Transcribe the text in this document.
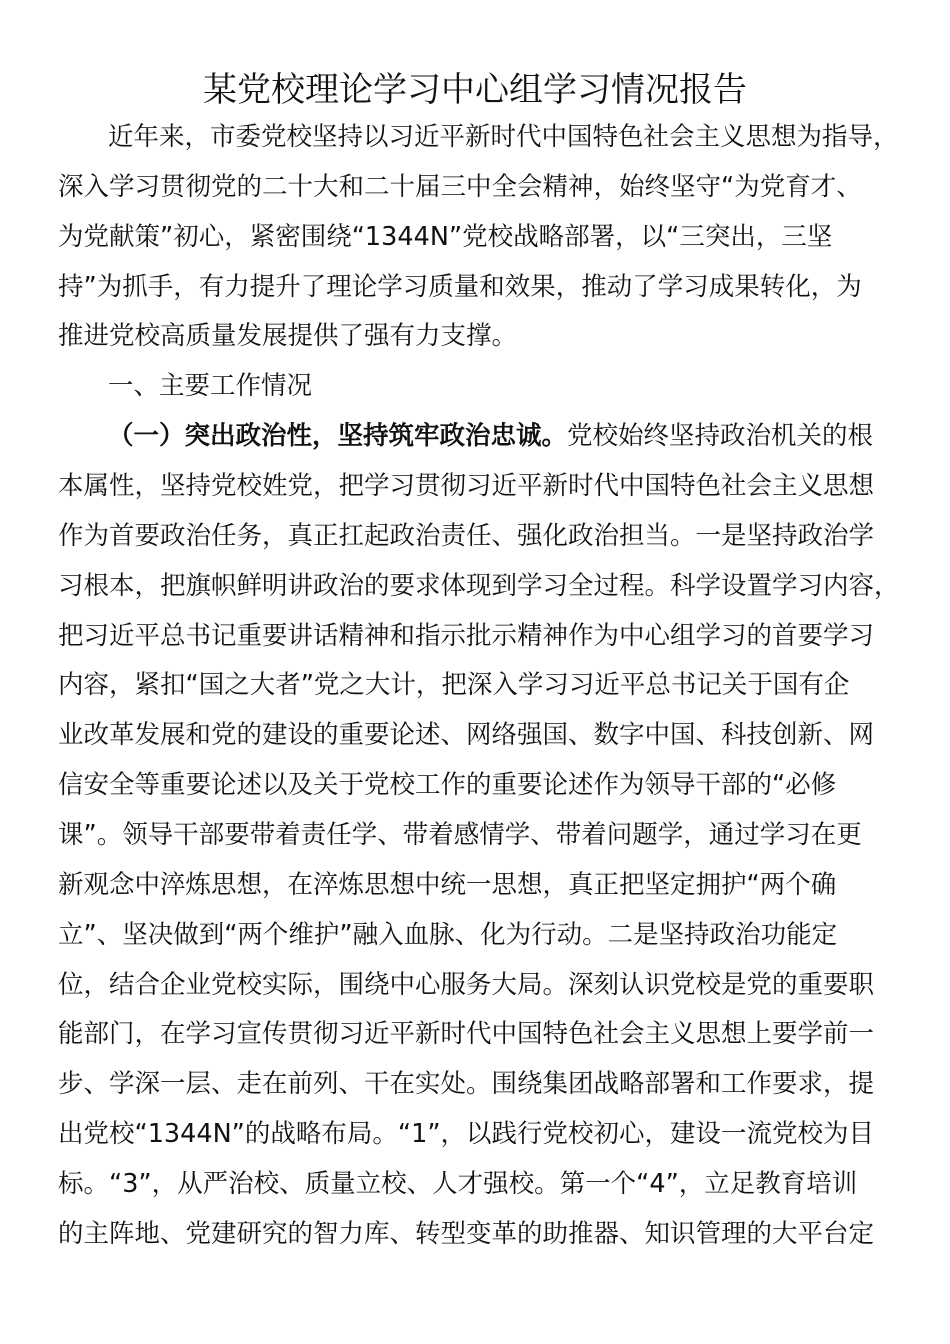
某党校理论学习中心组学习情况报告
近年来，市委党校坚持以习近平新时代中国特色社会主义思想为指导，
深入学习贯彻党的二十大和二十届三中全会精神，始终坚守“为党育才、
为党献策”初心，紧密围绕“1344N”党校战略部署，以“三突出，三坚
持”为抓手，有力提升了理论学习质量和效果，推动了学习成果转化，为
推进党校高质量发展提供了强有力支撑。
一、主要工作情况
（一）突出政治性，坚持筑牢政治忠诚。党校始终坚持政治机关的根
本属性，坚持党校姓党，把学习贯彻习近平新时代中国特色社会主义思想
作为首要政治任务，真正扛起政治责任、强化政治担当。一是坚持政治学
习根本，把旗帜鲜明讲政治的要求体现到学习全过程。科学设置学习内容，
把习近平总书记重要讲话精神和指示批示精神作为中心组学习的首要学习
内容，紧扣“国之大者”党之大计，把深入学习习近平总书记关于国有企
业改革发展和党的建设的重要论述、网络强国、数字中国、科技创新、网
信安全等重要论述以及关于党校工作的重要论述作为领导干部的“必修
课”。领导干部要带着责任学、带着感情学、带着问题学，通过学习在更
新观念中淬炼思想，在淬炼思想中统一思想，真正把坚定拥护“两个确
立”、坚决做到“两个维护”融入血脉、化为行动。二是坚持政治功能定
位，结合企业党校实际，围绕中心服务大局。深刻认识党校是党的重要职
能部门，在学习宣传贯彻习近平新时代中国特色社会主义思想上要学前一
步、学深一层、走在前列、干在实处。围绕集团战略部署和工作要求，提
出党校“1344N”的战略布局。“1”，以践行党校初心，建设一流党校为目
标。“3”，从严治校、质量立校、人才强校。第一个“4”，立足教育培训
的主阵地、党建研究的智力库、转型变革的助推器、知识管理的大平台定
